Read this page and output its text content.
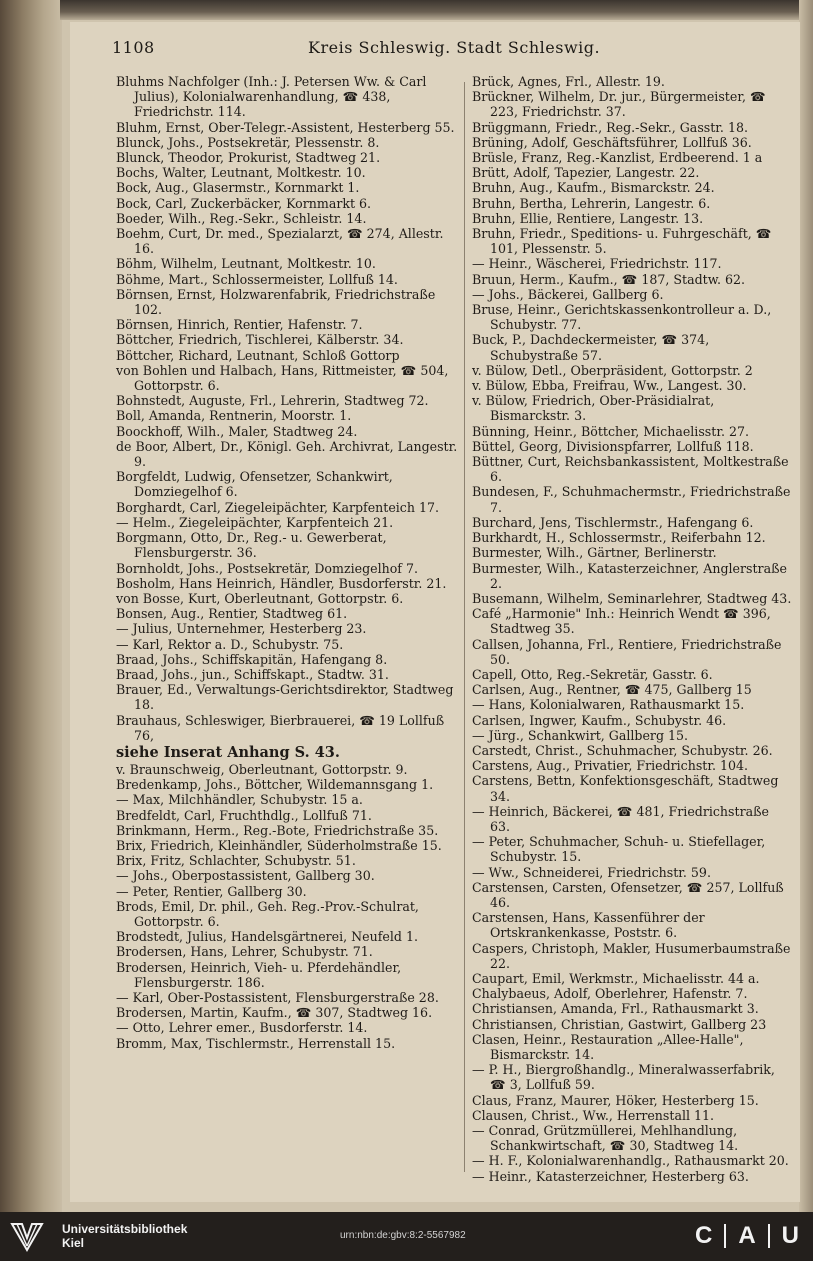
1108	Kreis Schleswig. Stadt Schleswig.

Bluhms Nachfolger (Inh.: J. Petersen Ww. & Carl Julius), Kolonialwarenhandlung, ☎ 438, Friedrichstr. 114.

Bluhm, Ernst, Ober-Telegr.-Assistent, Hesterberg 55.

Blunck, Johs., Postsekretär, Plessenstr. 8.

Blunck, Theodor, Prokurist, Stadtweg 21.

Bochs, Walter, Leutnant, Moltkestr. 10.

Bock, Aug., Glasermstr., Kornmarkt 1.

Bock, Carl, Zuckerbäcker, Kornmarkt 6.

Boeder, Wilh., Reg.-Sekr., Schleistr. 14.

Boehm, Curt, Dr. med., Spezialarzt, ☎ 274, Allestr. 16.

Böhm, Wilhelm, Leutnant, Moltkestr. 10.

Böhme, Mart., Schlossermeister, Lollfuß 14.

Börnsen, Ernst, Holzwarenfabrik, Friedrichstraße 102.

Börnsen, Hinrich, Rentier, Hafenstr. 7.

Böttcher, Friedrich, Tischlerei, Kälberstr. 34.

Böttcher, Richard, Leutnant, Schloß Gottorp

von Bohlen und Halbach, Hans, Rittmeister, ☎ 504, Gottorpstr. 6.

Bohnstedt, Auguste, Frl., Lehrerin, Stadtweg 72.

Boll, Amanda, Rentnerin, Moorstr. 1.

Boockhoff, Wilh., Maler, Stadtweg 24.

de Boor, Albert, Dr., Königl. Geh. Archivrat, Langestr. 9.

Borgfeldt, Ludwig, Ofensetzer, Schankwirt, Domziegelhof 6.

Borghardt, Carl, Ziegeleipächter, Karpfenteich 17.

— Helm., Ziegeleipächter, Karpfenteich 21.

Borgmann, Otto, Dr., Reg.- u. Gewerberat, Flensburgerstr. 36.

Bornholdt, Johs., Postsekretär, Domziegelhof 7.

Bosholm, Hans Heinrich, Händler, Busdorferstr. 21.

von Bosse, Kurt, Oberleutnant, Gottorpstr. 6.

Bonsen, Aug., Rentier, Stadtweg 61.

— Julius, Unternehmer, Hesterberg 23.

— Karl, Rektor a. D., Schubystr. 75.

Braad, Johs., Schiffskapitän, Hafengang 8.

Braad, Johs., jun., Schiffskapt., Stadtw. 31.

Brauer, Ed., Verwaltungs-Gerichtsdirektor, Stadtweg 18.

Brauhaus, Schleswiger, Bierbrauerei, ☎ 19 Lollfuß 76,

siehe Inserat Anhang S. 43.

v. Braunschweig, Oberleutnant, Gottorpstr. 9.

Bredenkamp, Johs., Böttcher, Wildemannsgang 1.

— Max, Milchhändler, Schubystr. 15 a.

Bredfeldt, Carl, Fruchthdlg., Lollfuß 71.

Brinkmann, Herm., Reg.-Bote, Friedrichstraße 35.

Brix, Friedrich, Kleinhändler, Süderholmstraße 15.

Brix, Fritz, Schlachter, Schubystr. 51.

— Johs., Oberpostassistent, Gallberg 30.

— Peter, Rentier, Gallberg 30.

Brods, Emil, Dr. phil., Geh. Reg.-Prov.-Schulrat, Gottorpstr. 6.

Brodstedt, Julius, Handelsgärtnerei, Neufeld 1.

Brodersen, Hans, Lehrer, Schubystr. 71.

Brodersen, Heinrich, Vieh- u. Pferdehändler, Flensburgerstr. 186.

— Karl, Ober-Postassistent, Flensburgerstraße 28.

Brodersen, Martin, Kaufm., ☎ 307, Stadtweg 16.

— Otto, Lehrer emer., Busdorferstr. 14.

Bromm, Max, Tischlermstr., Herrenstall 15.

Brück, Agnes, Frl., Allestr. 19.

Brückner, Wilhelm, Dr. jur., Bürgermeister, ☎ 223, Friedrichstr. 37.

Brüggmann, Friedr., Reg.-Sekr., Gasstr. 18.

Brüning, Adolf, Geschäftsführer, Lollfuß 36.

Brüsle, Franz, Reg.-Kanzlist, Erdbeerend. 1 a

Brütt, Adolf, Tapezier, Langestr. 22.

Bruhn, Aug., Kaufm., Bismarckstr. 24.

Bruhn, Bertha, Lehrerin, Langestr. 6.

Bruhn, Ellie, Rentiere, Langestr. 13.

Bruhn, Friedr., Speditions- u. Fuhrgeschäft, ☎ 101, Plessenstr. 5.

— Heinr., Wäscherei, Friedrichstr. 117.

Bruun, Herm., Kaufm., ☎ 187, Stadtw. 62.

— Johs., Bäckerei, Gallberg 6.

Bruse, Heinr., Gerichtskassenkontrolleur a. D., Schubystr. 77.

Buck, P., Dachdeckermeister, ☎ 374, Schubystraße 57.

v. Bülow, Detl., Oberpräsident, Gottorpstr. 2

v. Bülow, Ebba, Freifrau, Ww., Langest. 30.

v. Bülow, Friedrich, Ober-Präsidialrat, Bismarckstr. 3.

Bünning, Heinr., Böttcher, Michaelisstr. 27.

Büttel, Georg, Divisionspfarrer, Lollfuß 118.

Büttner, Curt, Reichsbankassistent, Moltkestraße 6.

Bundesen, F., Schuhmachermstr., Friedrichstraße 7.

Burchard, Jens, Tischlermstr., Hafengang 6.

Burkhardt, H., Schlossermstr., Reiferbahn 12.

Burmester, Wilh., Gärtner, Berlinerstr.

Burmester, Wilh., Katasterzeichner, Anglerstraße 2.

Busemann, Wilhelm, Seminarlehrer, Stadtweg 43.

Café „Harmonie" Inh.: Heinrich Wendt ☎ 396, Stadtweg 35.

Callsen, Johanna, Frl., Rentiere, Friedrichstraße 50.

Capell, Otto, Reg.-Sekretär, Gasstr. 6.

Carlsen, Aug., Rentner, ☎ 475, Gallberg 15

— Hans, Kolonialwaren, Rathausmarkt 15.

Carlsen, Ingwer, Kaufm., Schubystr. 46.

— Jürg., Schankwirt, Gallberg 15.

Carstedt, Christ., Schuhmacher, Schubystr. 26.

Carstens, Aug., Privatier, Friedrichstr. 104.

Carstens, Bettn, Konfektionsgeschäft, Stadtweg 34.

— Heinrich, Bäckerei, ☎ 481, Friedrichstraße 63.

— Peter, Schuhmacher, Schuh- u. Stiefellager, Schubystr. 15.

— Ww., Schneiderei, Friedrichstr. 59.

Carstensen, Carsten, Ofensetzer, ☎ 257, Lollfuß 46.

Carstensen, Hans, Kassenführer der Ortskrankenkasse, Poststr. 6.

Caspers, Christoph, Makler, Husumerbaumstraße 22.

Caupart, Emil, Werkmstr., Michaelisstr. 44 a.

Chalybaeus, Adolf, Oberlehrer, Hafenstr. 7.

Christiansen, Amanda, Frl., Rathausmarkt 3.

Christiansen, Christian, Gastwirt, Gallberg 23

Clasen, Heinr., Restauration „Allee-Halle", Bismarckstr. 14.

— P. H., Biergroßhandlg., Mineralwasserfabrik, ☎ 3, Lollfuß 59.

Claus, Franz, Maurer, Höker, Hesterberg 15.

Clausen, Christ., Ww., Herrenstall 11.

— Conrad, Grützmüllerei, Mehlhandlung, Schankwirtschaft, ☎ 30, Stadtweg 14.

— H. F., Kolonialwarenhandlg., Rathausmarkt 20.

— Heinr., Katasterzeichner, Hesterberg 63.

Universitätsbibliothek
Kiel
urn:nbn:de:gbv:8:2-5567982	C A U
